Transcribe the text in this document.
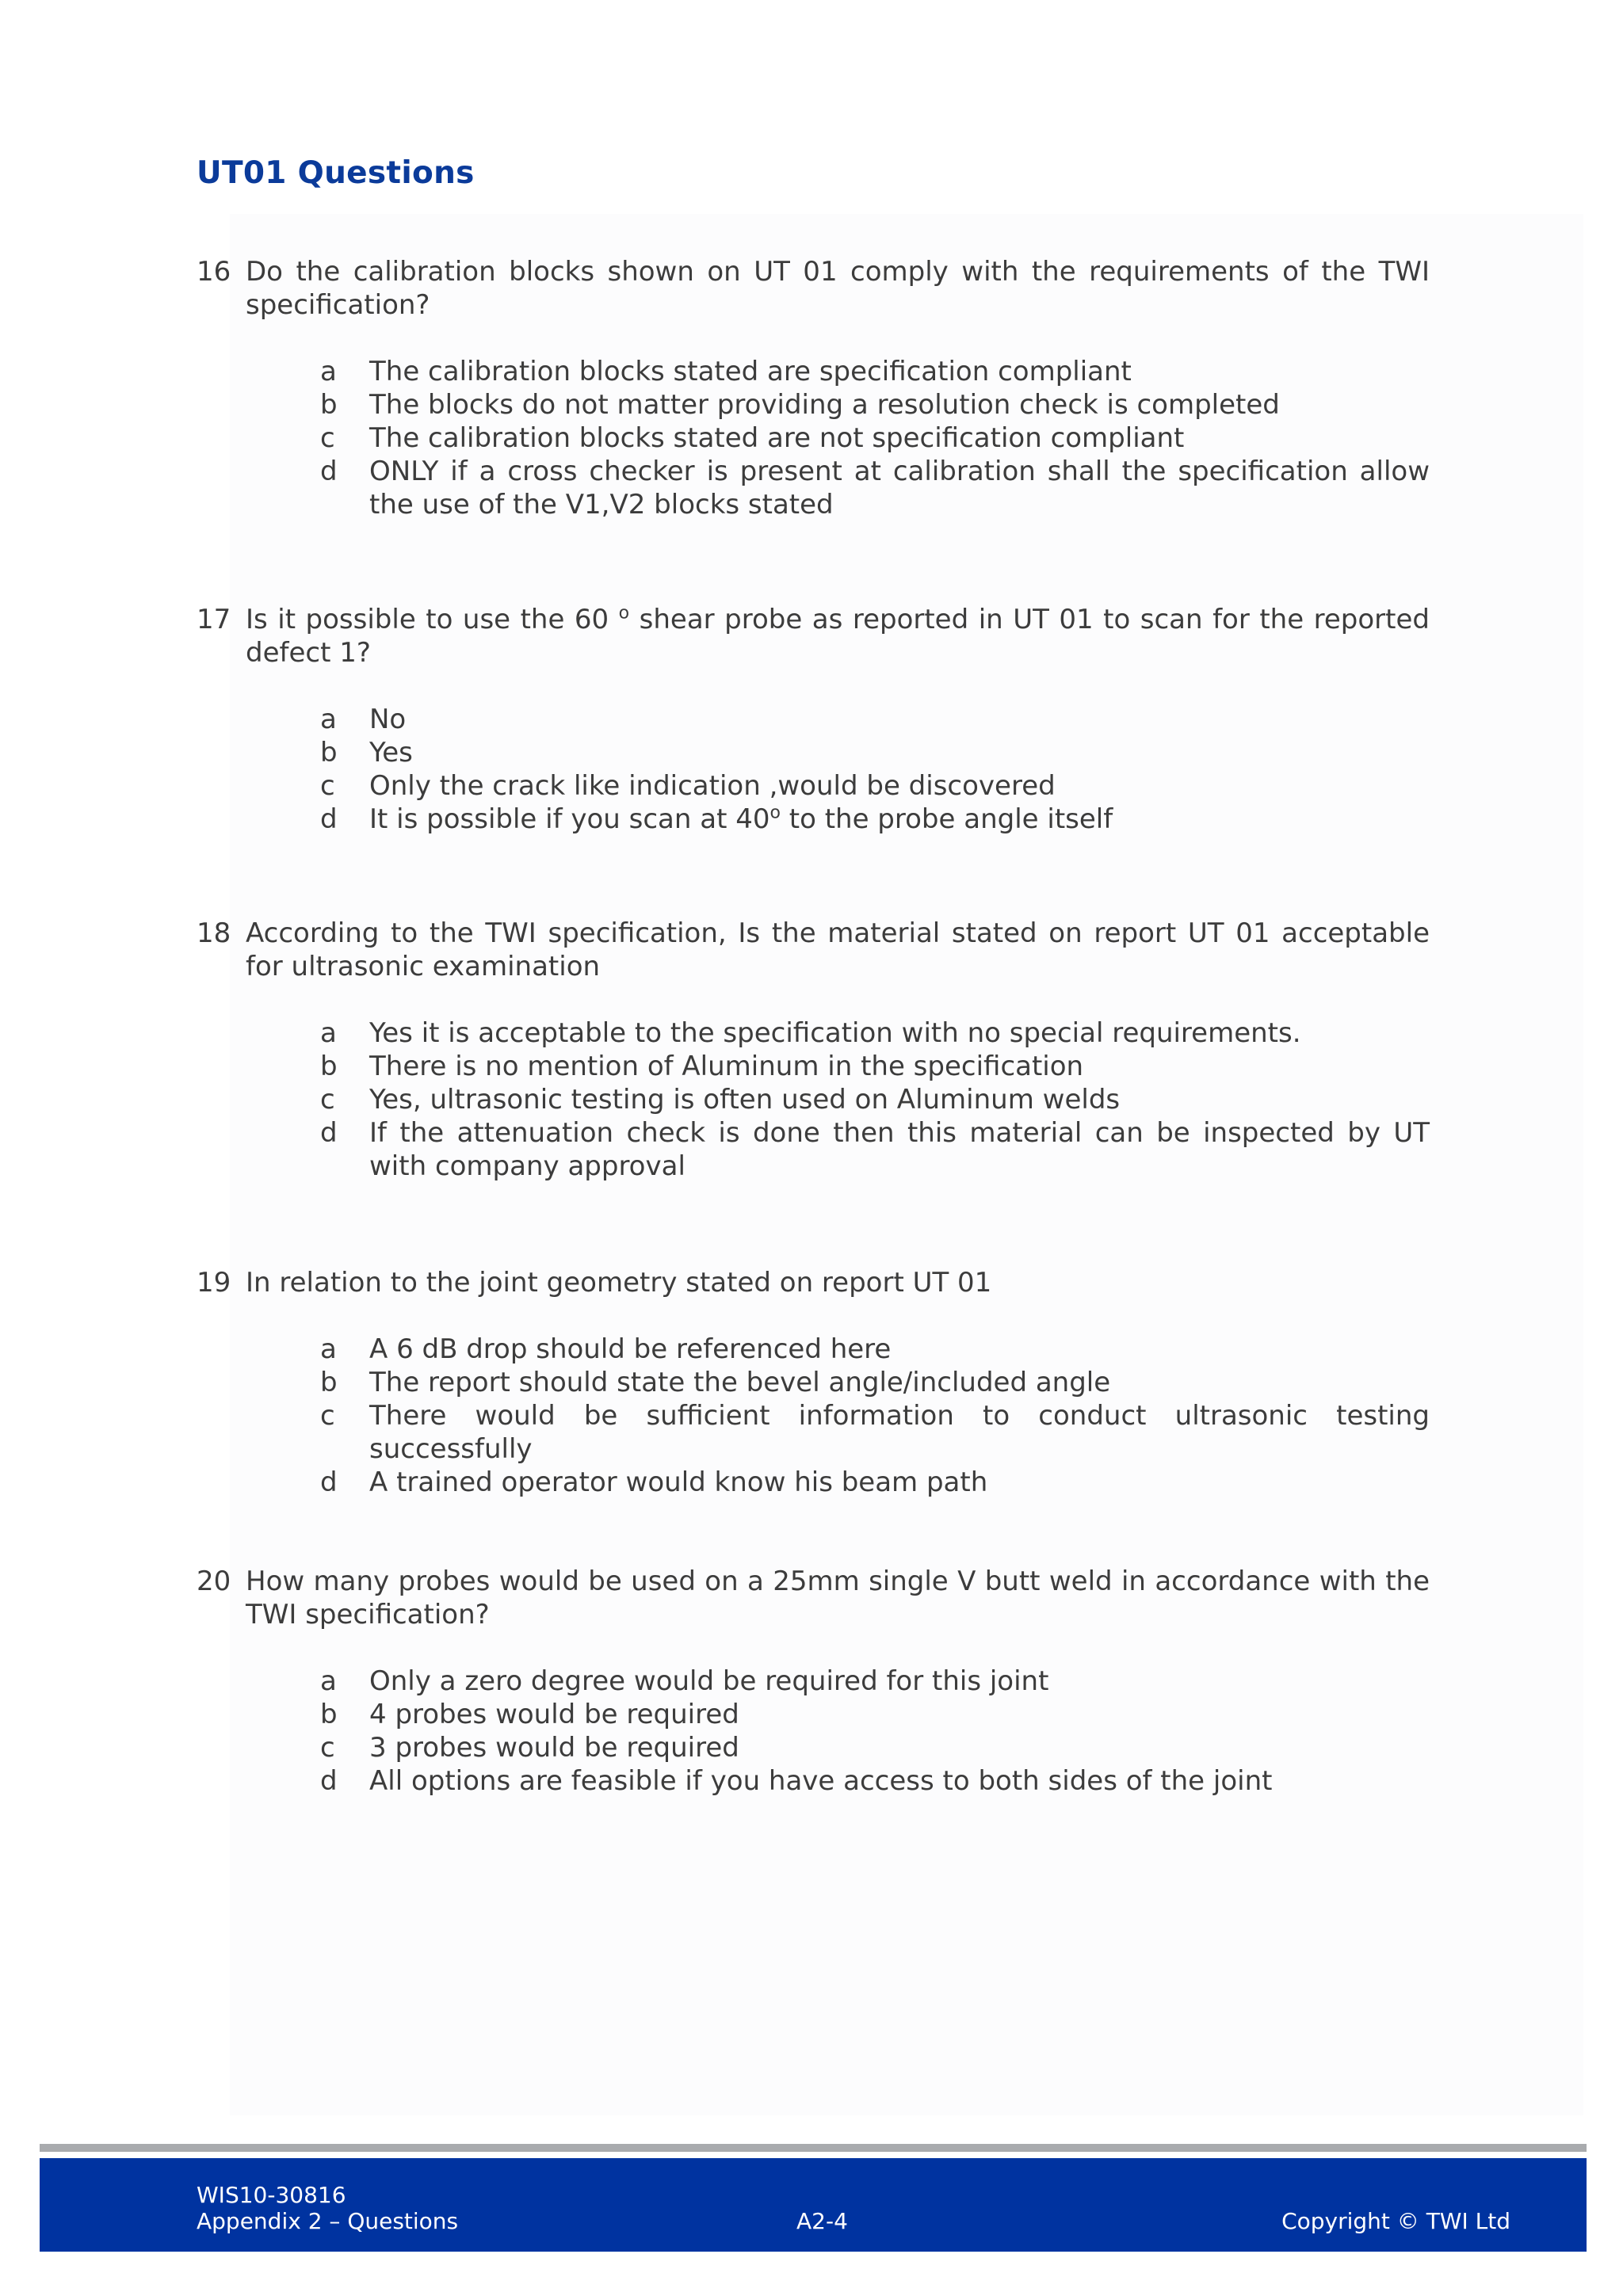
UT01 Questions
16 Do the calibration blocks shown on UT 01 comply with the requirements of the TWI specification?
a	The calibration blocks stated are specification compliant
b	The blocks do not matter providing a resolution check is completed
c	The calibration blocks stated are not specification compliant
d	ONLY if a cross checker is present at calibration shall the specification allow the use of the V1,V2 blocks stated
17 Is it possible to use the 60 $^o$ shear probe as reported in UT 01 to scan for the reported defect 1?
a	No
b	Yes
c	Only the crack like indication ,would be discovered
d	It is possible if you scan at 40$^o$ to the probe angle itself
18 According to the TWI specification, Is the material stated on report UT 01 acceptable for ultrasonic examination
a	Yes it is acceptable to the specification with no special requirements.
b	There is no mention of Aluminum in the specification
c	Yes, ultrasonic testing is often used on Aluminum welds
d	If the attenuation check is done then this material can be inspected by UT with company approval
19 In relation to the joint geometry stated on report UT 01
a	A 6 dB drop should be referenced here
b	The report should state the bevel angle/included angle
c	There would be sufficient information to conduct ultrasonic testing successfully
d	A trained operator would know his beam path
20 How many probes would be used on a 25mm single V butt weld in accordance with the TWI specification?
a	Only a zero degree would be required for this joint
b	4 probes would be required
c	3 probes would be required
d	All options are feasible if you have access to both sides of the joint
WIS10-30816
Appendix 2 – Questions	A2-4	Copyright © TWI Ltd
